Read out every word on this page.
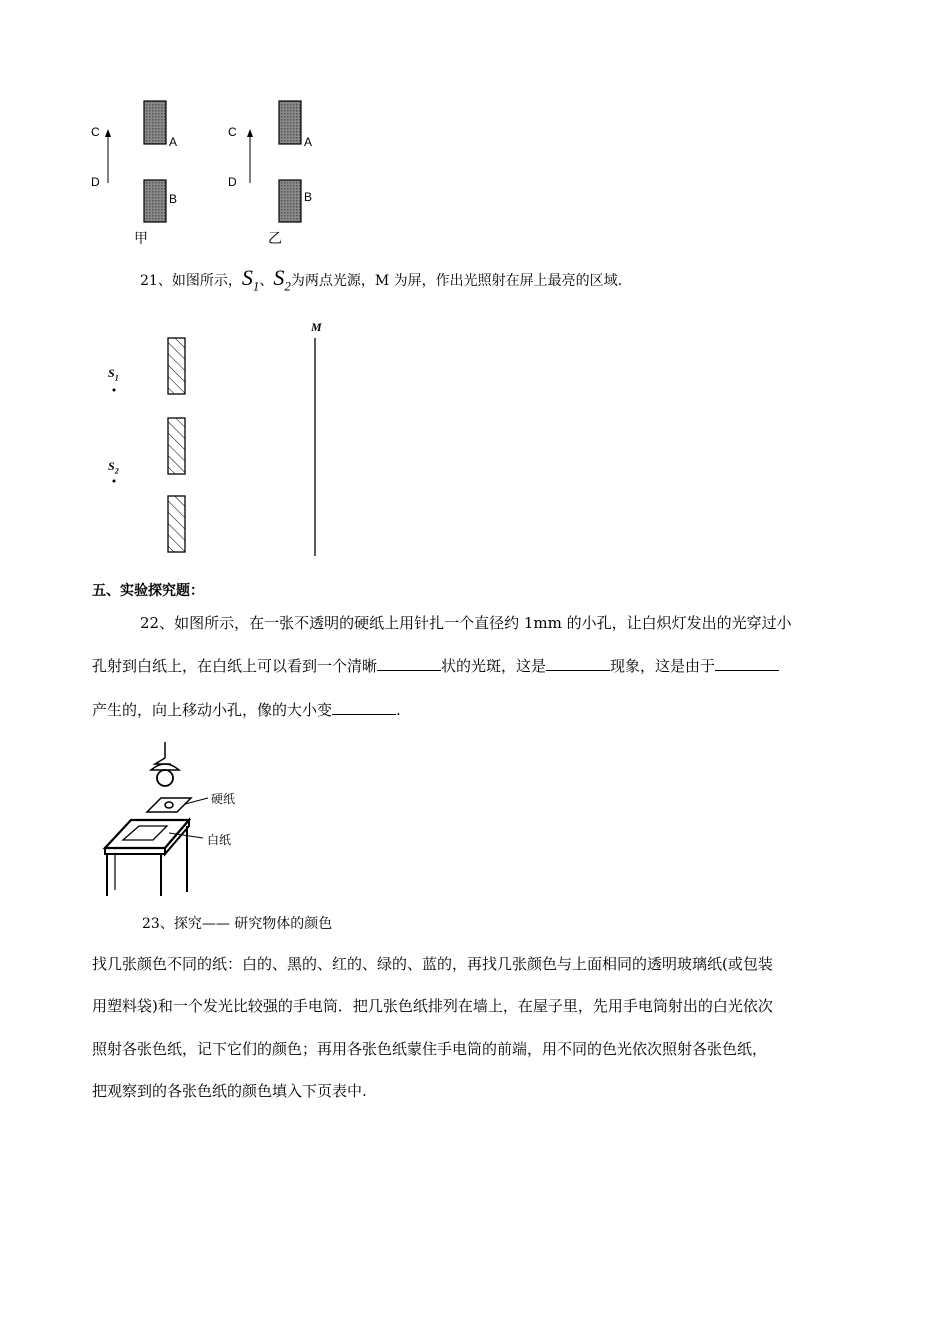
C
D
A
B
甲
C
D
A
B
乙
21、如图所示，$S_1$、$S_2$为两点光源，M 为屏，作出光照射在屏上最亮的区域.
M
$S_1$
$S_2$
五、实验探究题：
22、如图所示，在一张不透明的硬纸上用针扎一个直径约 1mm 的小孔，让白炽灯发出的光穿过小
孔射到白纸上，在白纸上可以看到一个清晰	状的光斑，这是	现象，这是由于
产生的，向上移动小孔，像的大小变	.
硬纸
白纸
23、探究—— 研究物体的颜色
找几张颜色不同的纸：白的、黑的、红的、绿的、蓝的，再找几张颜色与上面相同的透明玻璃纸(或包装
用塑料袋)和一个发光比较强的手电筒．把几张色纸排列在墙上，在屋子里，先用手电筒射出的白光依次
照射各张色纸，记下它们的颜色；再用各张色纸蒙住手电筒的前端，用不同的色光依次照射各张色纸，
把观察到的各张色纸的颜色填入下页表中.
